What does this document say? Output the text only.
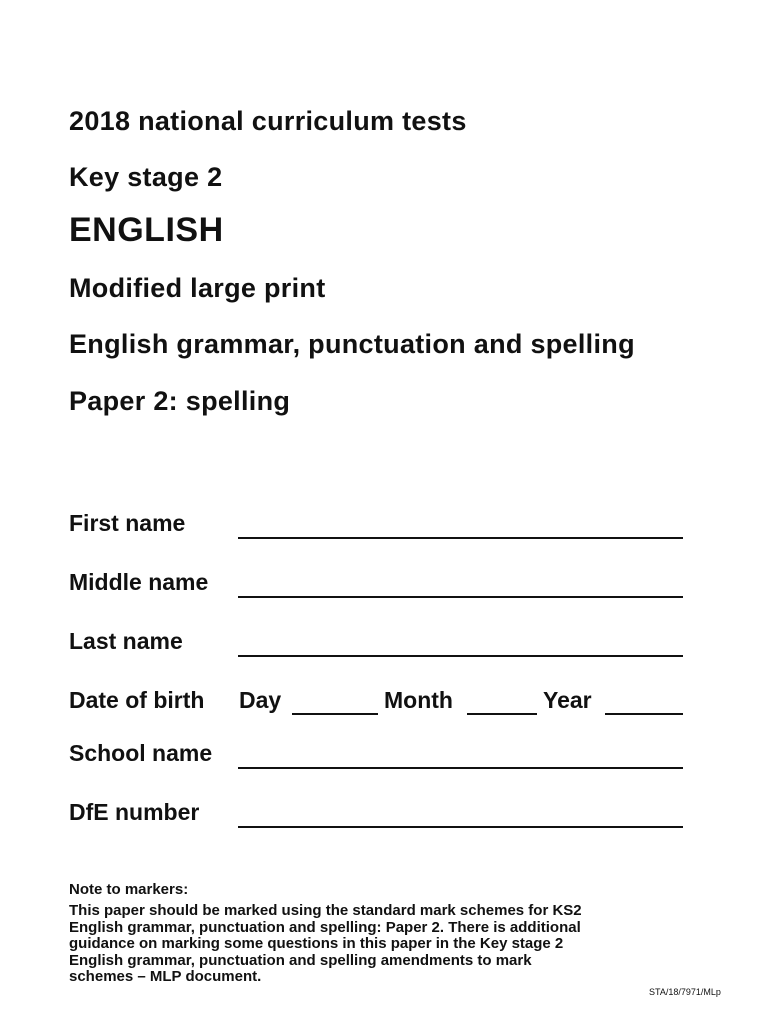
2018 national curriculum tests
Key stage 2
ENGLISH
Modified large print
English grammar, punctuation and spelling
Paper 2: spelling
First name
Middle name
Last name
Date of birth Day	Month	Year
School name
DfE number
Note to markers:
This paper should be marked using the standard mark schemes for KS2 English grammar, punctuation and spelling: Paper 2. There is additional guidance on marking some questions in this paper in the Key stage 2 English grammar, punctuation and spelling amendments to mark schemes – MLP document.
STA/18/7971/MLp
